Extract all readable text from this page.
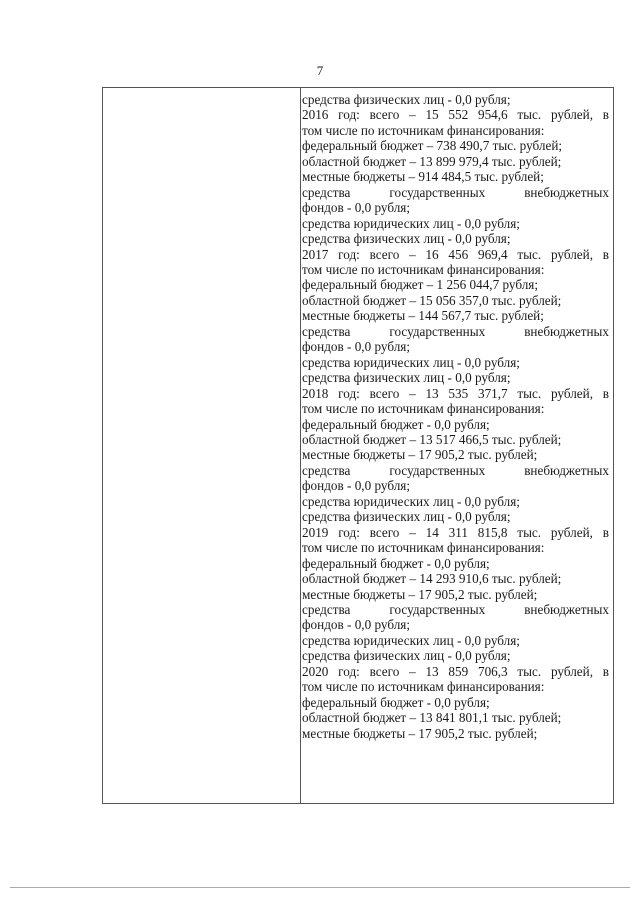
7
средства физических лиц - 0,0 рубля;
2016 год: всего – 15 552 954,6 тыс. рублей, в
том числе по источникам финансирования:
федеральный бюджет – 738 490,7 тыс. рублей;
областной бюджет – 13 899 979,4 тыс. рублей;
местные бюджеты – 914 484,5 тыс. рублей;
средства государственных внебюджетных
фондов - 0,0 рубля;
средства юридических лиц - 0,0 рубля;
средства физических лиц - 0,0 рубля;
2017 год: всего – 16 456 969,4 тыс. рублей, в
том числе по источникам финансирования:
федеральный бюджет – 1 256 044,7 рубля;
областной бюджет – 15 056 357,0 тыс. рублей;
местные бюджеты – 144 567,7 тыс. рублей;
средства государственных внебюджетных
фондов - 0,0 рубля;
средства юридических лиц - 0,0 рубля;
средства физических лиц - 0,0 рубля;
2018 год: всего – 13 535 371,7 тыс. рублей, в
том числе по источникам финансирования:
федеральный бюджет - 0,0 рубля;
областной бюджет – 13 517 466,5 тыс. рублей;
местные бюджеты – 17 905,2 тыс. рублей;
средства государственных внебюджетных
фондов - 0,0 рубля;
средства юридических лиц - 0,0 рубля;
средства физических лиц - 0,0 рубля;
2019 год: всего – 14 311 815,8 тыс. рублей, в
том числе по источникам финансирования:
федеральный бюджет - 0,0 рубля;
областной бюджет – 14 293 910,6 тыс. рублей;
местные бюджеты – 17 905,2 тыс. рублей;
средства государственных внебюджетных
фондов - 0,0 рубля;
средства юридических лиц - 0,0 рубля;
средства физических лиц - 0,0 рубля;
2020 год: всего – 13 859 706,3 тыс. рублей, в
том числе по источникам финансирования:
федеральный бюджет - 0,0 рубля;
областной бюджет – 13 841 801,1 тыс. рублей;
местные бюджеты – 17 905,2 тыс. рублей;
